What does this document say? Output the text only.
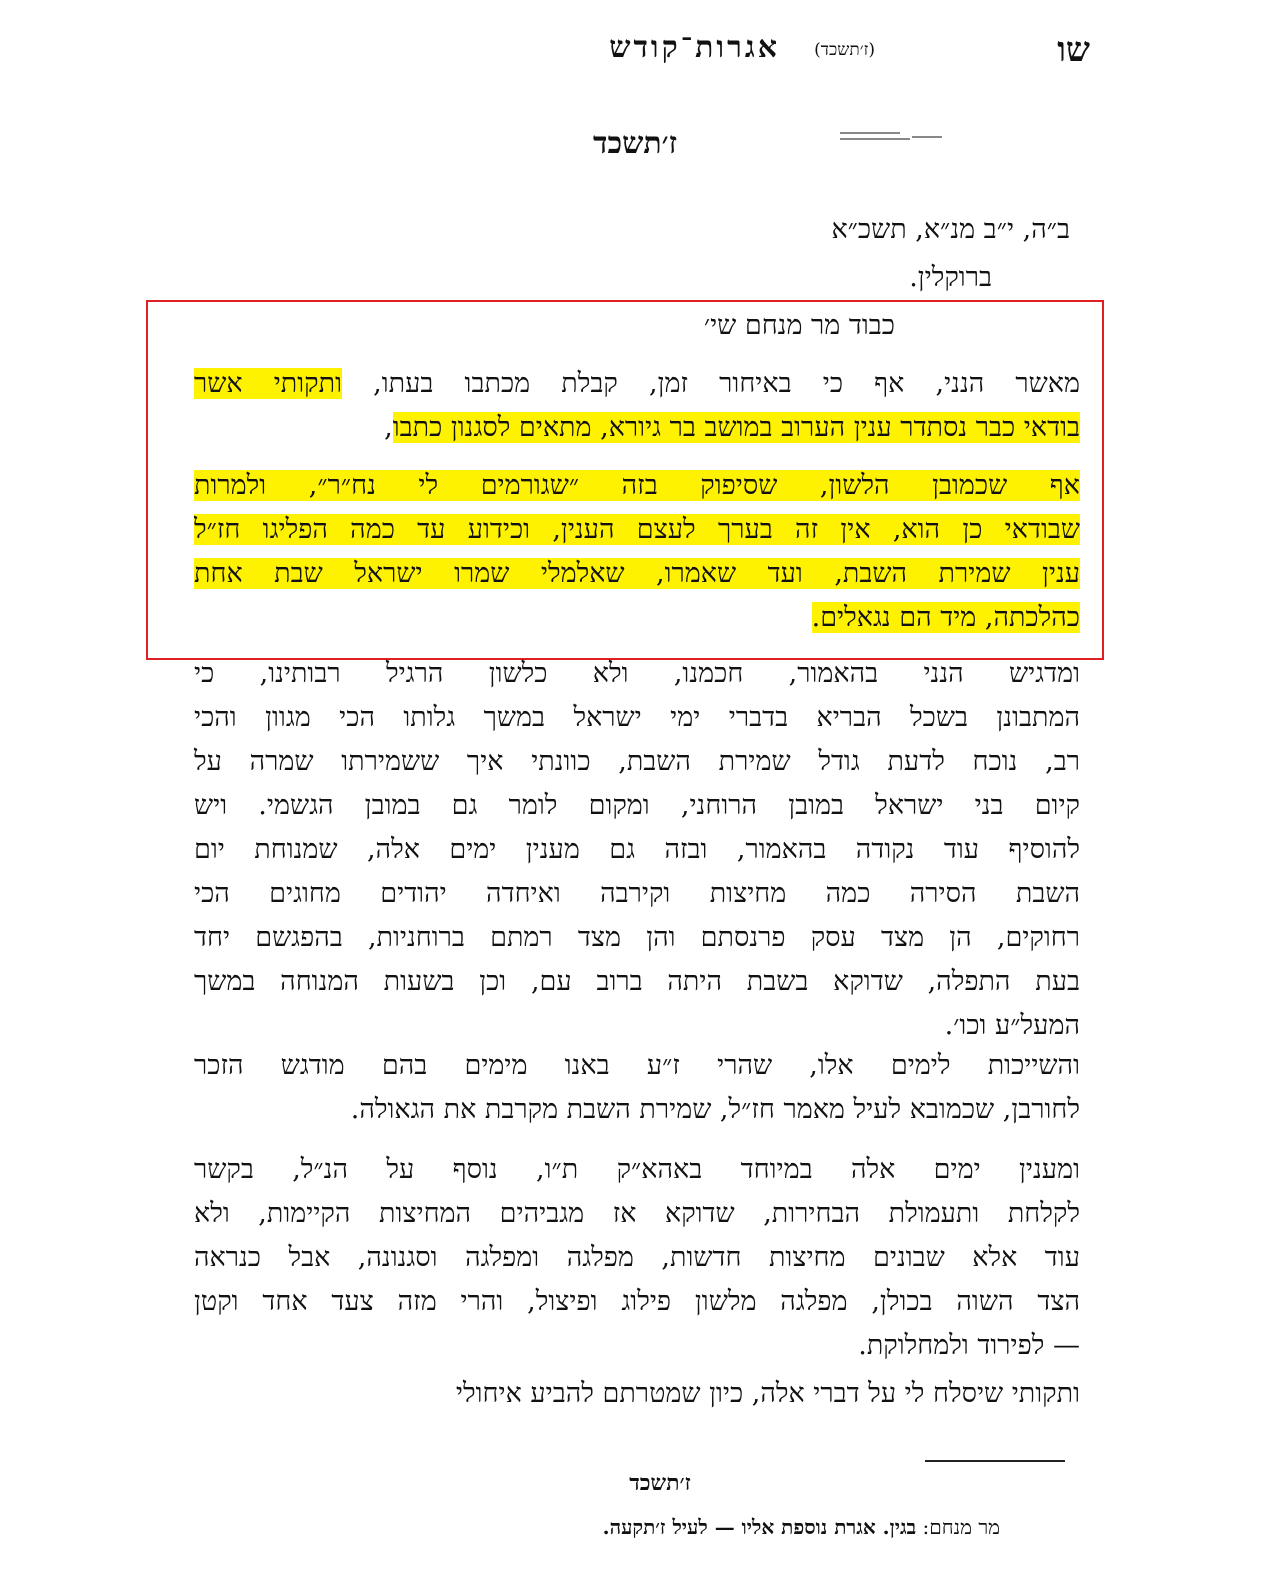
שו
אגרות־קודש (ז׳תשכד)
ז׳תשכד
ב״ה, י״ב מנ״א, תשכ״א
ברוקלין.
כבוד מר מנחם שי׳

מאשר הנני, אף כי באיחור זמן, קבלת מכתבו בעתו, ותקותי אשר

בודאי כבר נסתדר ענין הערוב במושב בר גיורא, מתאים לסגנון כתבו,

אף שכמובן הלשון, שסיפוק בזה ״שגורמים לי נח״ר״, ולמרות

שבודאי כן הוא, אין זה בערך לעצם הענין, וכידוע עד כמה הפליגו חז״ל

ענין שמירת השבת, ועד שאמרו, שאלמלי שמרו ישראל שבת אחת

כהלכתה, מיד הם נגאלים.

ומדגיש הנני בהאמור, חכמנו, ולא כלשון הרגיל רבותינו, כי

המתבונן בשכל הבריא בדברי ימי ישראל במשך גלותו הכי מגוון והכי

רב, נוכח לדעת גודל שמירת השבת, כוונתי איך ששמירתו שמרה על

קיום בני ישראל במובן הרוחני, ומקום לומר גם במובן הגשמי. ויש

להוסיף עוד נקודה בהאמור, ובזה גם מענין ימים אלה, שמנוחת יום

השבת הסירה כמה מחיצות וקירבה ואיחדה יהודים מחוגים הכי

רחוקים, הן מצד עסק פרנסתם והן מצד רמתם ברוחניות, בהפגשם יחד

בעת התפלה, שדוקא בשבת היתה ברוב עם, וכן בשעות המנוחה במשך

המעל״ע וכו׳.

והשייכות לימים אלו, שהרי ז״ע באנו מימים בהם מודגש הזכר

לחורבן, שכמובא לעיל מאמר חז״ל, שמירת השבת מקרבת את הגאולה.

ומענין ימים אלה במיוחד באהא״ק ת״ו, נוסף על הנ״ל, בקשר

לקלחת ותעמולת הבחירות, שדוקא אז מגביהים המחיצות הקיימות, ולא

עוד אלא שבונים מחיצות חדשות, מפלגה ומפלגה וסגנונה, אבל כנראה

הצד השוה בכולן, מפלגה מלשון פילוג ופיצול, והרי מזה צעד אחד וקטן

— לפירוד ולמחלוקת.

ותקותי שיסלח לי על דברי אלה, כיון שמטרתם להביע איחולי

ז׳תשכד
מר מנחם: בגין. אגרת נוספת אליו — לעיל ז׳תקעה.
